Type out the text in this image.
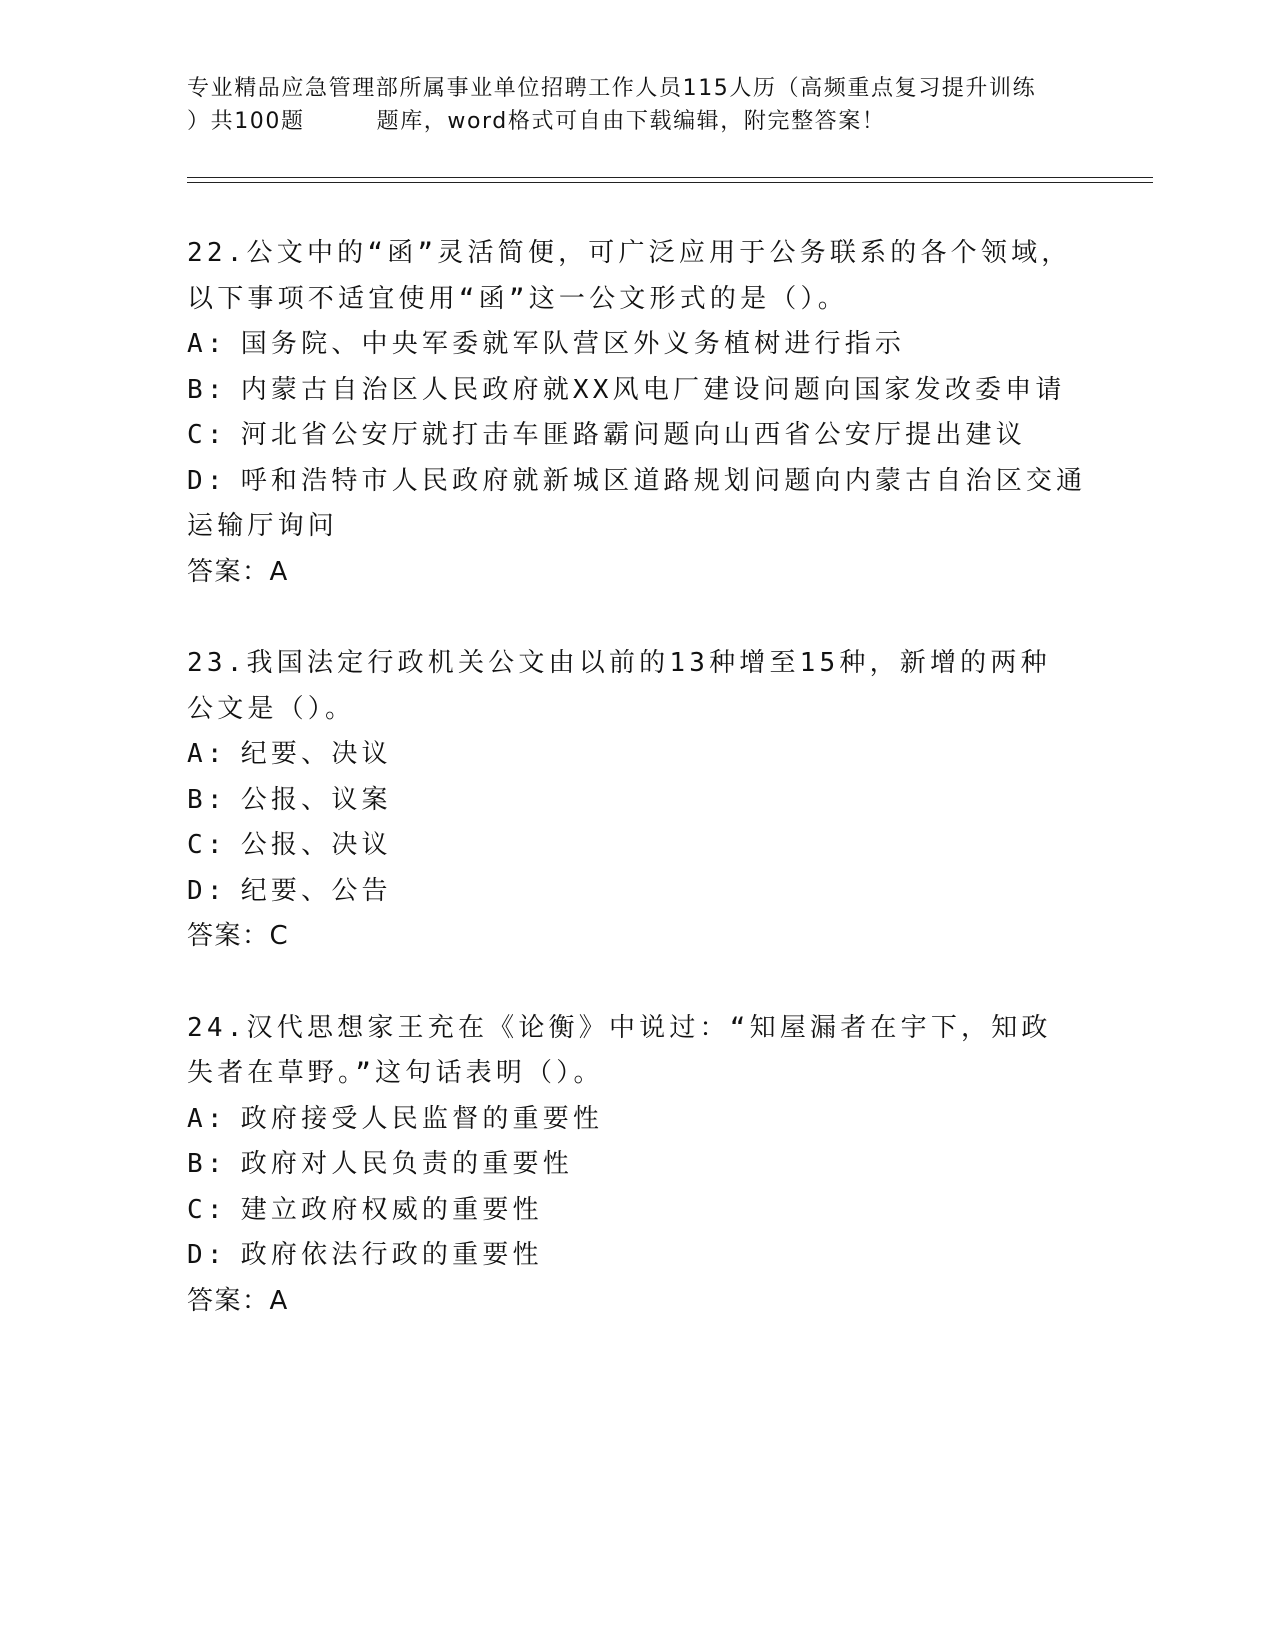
专业精品应急管理部所属事业单位招聘工作人员115人历（高频重点复习提升训练
）共100题	题库，word格式可自由下载编辑，附完整答案！

22.公文中的“函”灵活简便，可广泛应用于公务联系的各个领域，以下事项不适宜使用“函”这一公文形式的是（）。

A: 国务院、中央军委就军队营区外义务植树进行指示

B: 内蒙古自治区人民政府就XX风电厂建设问题向国家发改委申请

C: 河北省公安厅就打击车匪路霸问题向山西省公安厅提出建议

D: 呼和浩特市人民政府就新城区道路规划问题向内蒙古自治区交通运输厅询问

答案：A

23.我国法定行政机关公文由以前的13种增至15种，新增的两种公文是（）。

A: 纪要、决议

B: 公报、议案

C: 公报、决议

D: 纪要、公告

答案：C

24.汉代思想家王充在《论衡》中说过：“知屋漏者在宇下，知政失者在草野。”这句话表明（）。

A: 政府接受人民监督的重要性

B: 政府对人民负责的重要性

C: 建立政府权威的重要性

D: 政府依法行政的重要性

答案：A
